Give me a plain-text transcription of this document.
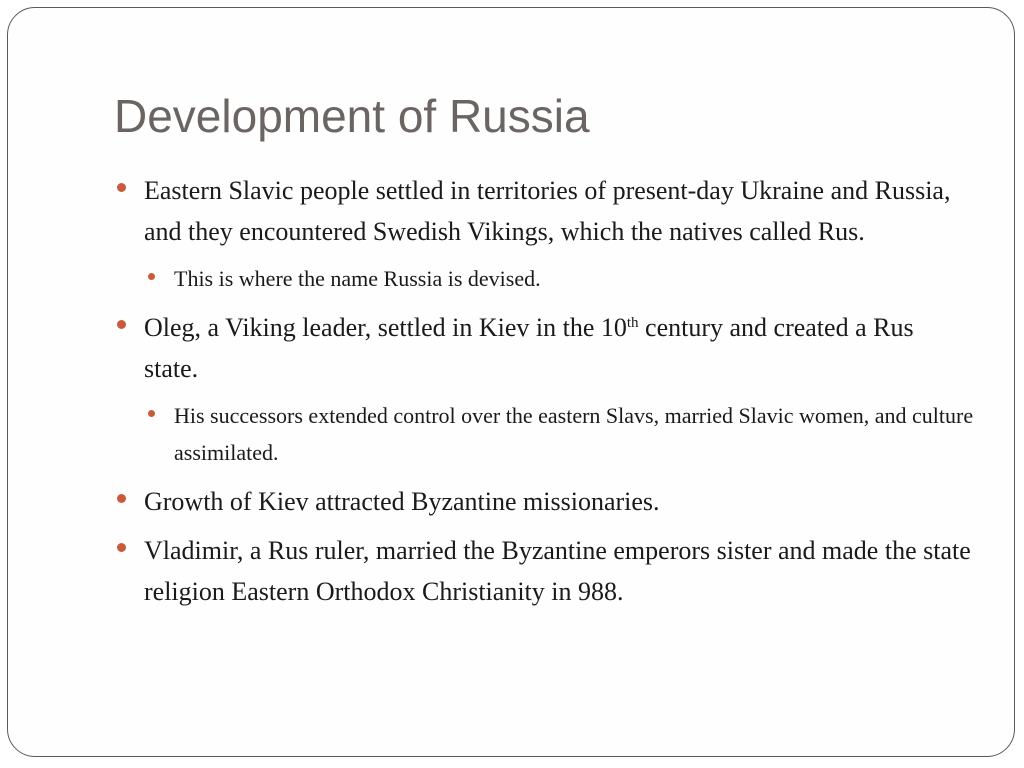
Development of Russia
Eastern Slavic people settled in territories of present-day Ukraine and Russia, and they encountered Swedish Vikings, which the natives called Rus.
This is where the name Russia is devised.
Oleg, a Viking leader, settled in Kiev in the 10th century and created a Rus state.
His successors extended control over the eastern Slavs, married Slavic women, and culture assimilated.
Growth of Kiev attracted Byzantine missionaries.
Vladimir, a Rus ruler, married the Byzantine emperors sister and made the state religion Eastern Orthodox Christianity in 988.
